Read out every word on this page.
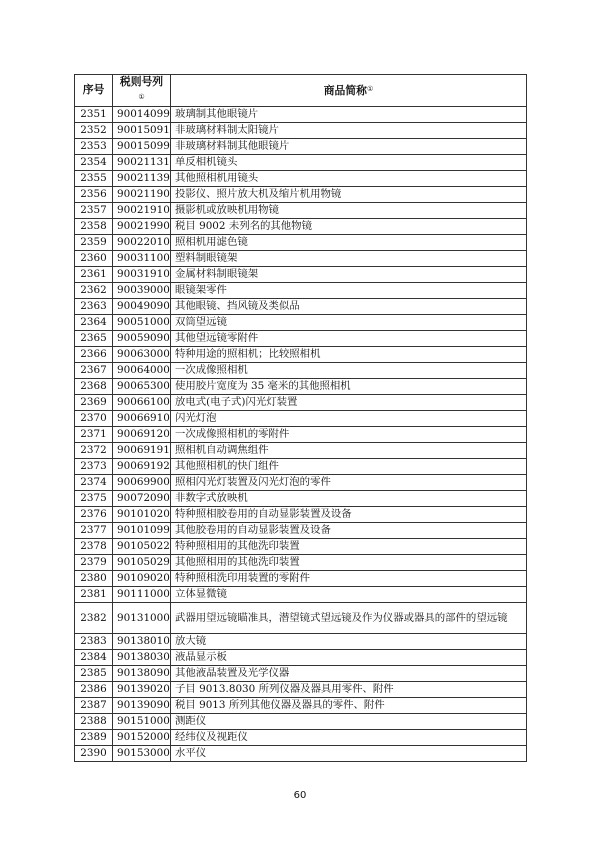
序号	税则号列①	商品简称①
2351	90014099	玻璃制其他眼镜片
2352	90015091	非玻璃材料制太阳镜片
2353	90015099	非玻璃材料制其他眼镜片
2354	90021131	单反相机镜头
2355	90021139	其他照相机用镜头
2356	90021190	投影仪、照片放大机及缩片机用物镜
2357	90021910	摄影机或放映机用物镜
2358	90021990	税目 9002 未列名的其他物镜
2359	90022010	照相机用滤色镜
2360	90031100	塑料制眼镜架
2361	90031910	金属材料制眼镜架
2362	90039000	眼镜架零件
2363	90049090	其他眼镜、挡风镜及类似品
2364	90051000	双筒望远镜
2365	90059090	其他望远镜零附件
2366	90063000	特种用途的照相机；比较照相机
2367	90064000	一次成像照相机
2368	90065300	使用胶片宽度为 35 毫米的其他照相机
2369	90066100	放电式(电子式)闪光灯装置
2370	90066910	闪光灯泡
2371	90069120	一次成像照相机的零附件
2372	90069191	照相机自动调焦组件
2373	90069192	其他照相机的快门组件
2374	90069900	照相闪光灯装置及闪光灯泡的零件
2375	90072090	非数字式放映机
2376	90101020	特种照相胶卷用的自动显影装置及设备
2377	90101099	其他胶卷用的自动显影装置及设备
2378	90105022	特种照相用的其他洗印装置
2379	90105029	其他照相用的其他洗印装置
2380	90109020	特种照相洗印用装置的零附件
2381	90111000	立体显微镜
2382	90131000	武器用望远镜瞄准具，潜望镜式望远镜及作为仪器或器具的部件的望远镜
2383	90138010	放大镜
2384	90138030	液晶显示板
2385	90138090	其他液晶装置及光学仪器
2386	90139020	子目 9013.8030 所列仪器及器具用零件、附件
2387	90139090	税目 9013 所列其他仪器及器具的零件、附件
2388	90151000	测距仪
2389	90152000	经纬仪及视距仪
2390	90153000	水平仪
60
